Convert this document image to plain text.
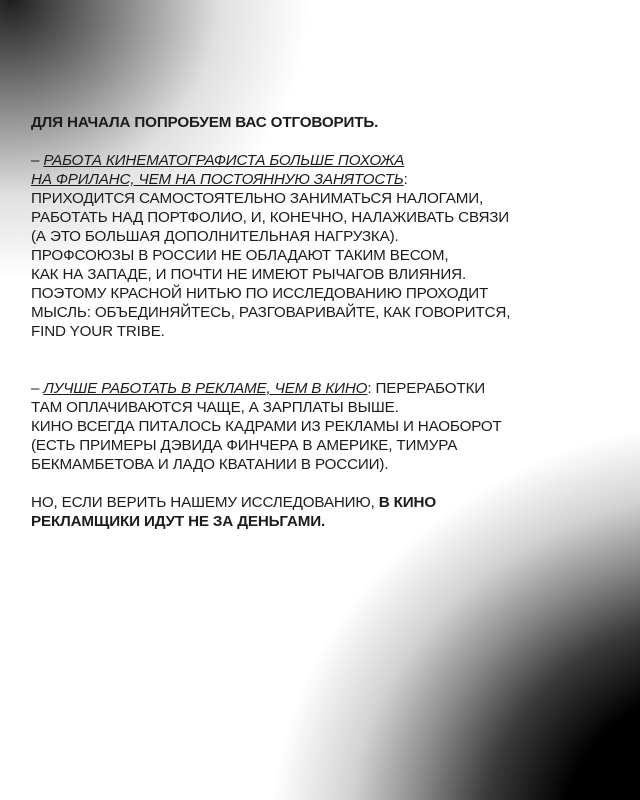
ДЛЯ НАЧАЛА ПОПРОБУЕМ ВАС ОТГОВОРИТЬ.
– РАБОТА КИНЕМАТОГРАФИСТА БОЛЬШЕ ПОХОЖА
НА ФРИЛАНС, ЧЕМ НА ПОСТОЯННУЮ ЗАНЯТОСТЬ:
ПРИХОДИТСЯ САМОСТОЯТЕЛЬНО ЗАНИМАТЬСЯ НАЛОГАМИ,
РАБОТАТЬ НАД ПОРТФОЛИО, И, КОНЕЧНО, НАЛАЖИВАТЬ СВЯЗИ
(А ЭТО БОЛЬШАЯ ДОПОЛНИТЕЛЬНАЯ НАГРУЗКА).
ПРОФСОЮЗЫ В РОССИИ НЕ ОБЛАДАЮТ ТАКИМ ВЕСОМ,
КАК НА ЗАПАДЕ, И ПОЧТИ НЕ ИМЕЮТ РЫЧАГОВ ВЛИЯНИЯ.
ПОЭТОМУ КРАСНОЙ НИТЬЮ ПО ИССЛЕДОВАНИЮ ПРОХОДИТ
МЫСЛЬ: ОБЪЕДИНЯЙТЕСЬ, РАЗГОВАРИВАЙТЕ, КАК ГОВОРИТСЯ,
FIND YOUR TRIBE.
– ЛУЧШЕ РАБОТАТЬ В РЕКЛАМЕ, ЧЕМ В КИНО: ПЕРЕРАБОТКИ
ТАМ ОПЛАЧИВАЮТСЯ ЧАЩЕ, А ЗАРПЛАТЫ ВЫШЕ.
КИНО ВСЕГДА ПИТАЛОСЬ КАДРАМИ ИЗ РЕКЛАМЫ И НАОБОРОТ
(ЕСТЬ ПРИМЕРЫ ДЭВИДА ФИНЧЕРА В АМЕРИКЕ, ТИМУРА
БЕКМАМБЕТОВА И ЛАДО КВАТАНИИ В РОССИИ).
НО, ЕСЛИ ВЕРИТЬ НАШЕМУ ИССЛЕДОВАНИЮ, В КИНО
РЕКЛАМЩИКИ ИДУТ НЕ ЗА ДЕНЬГАМИ.
